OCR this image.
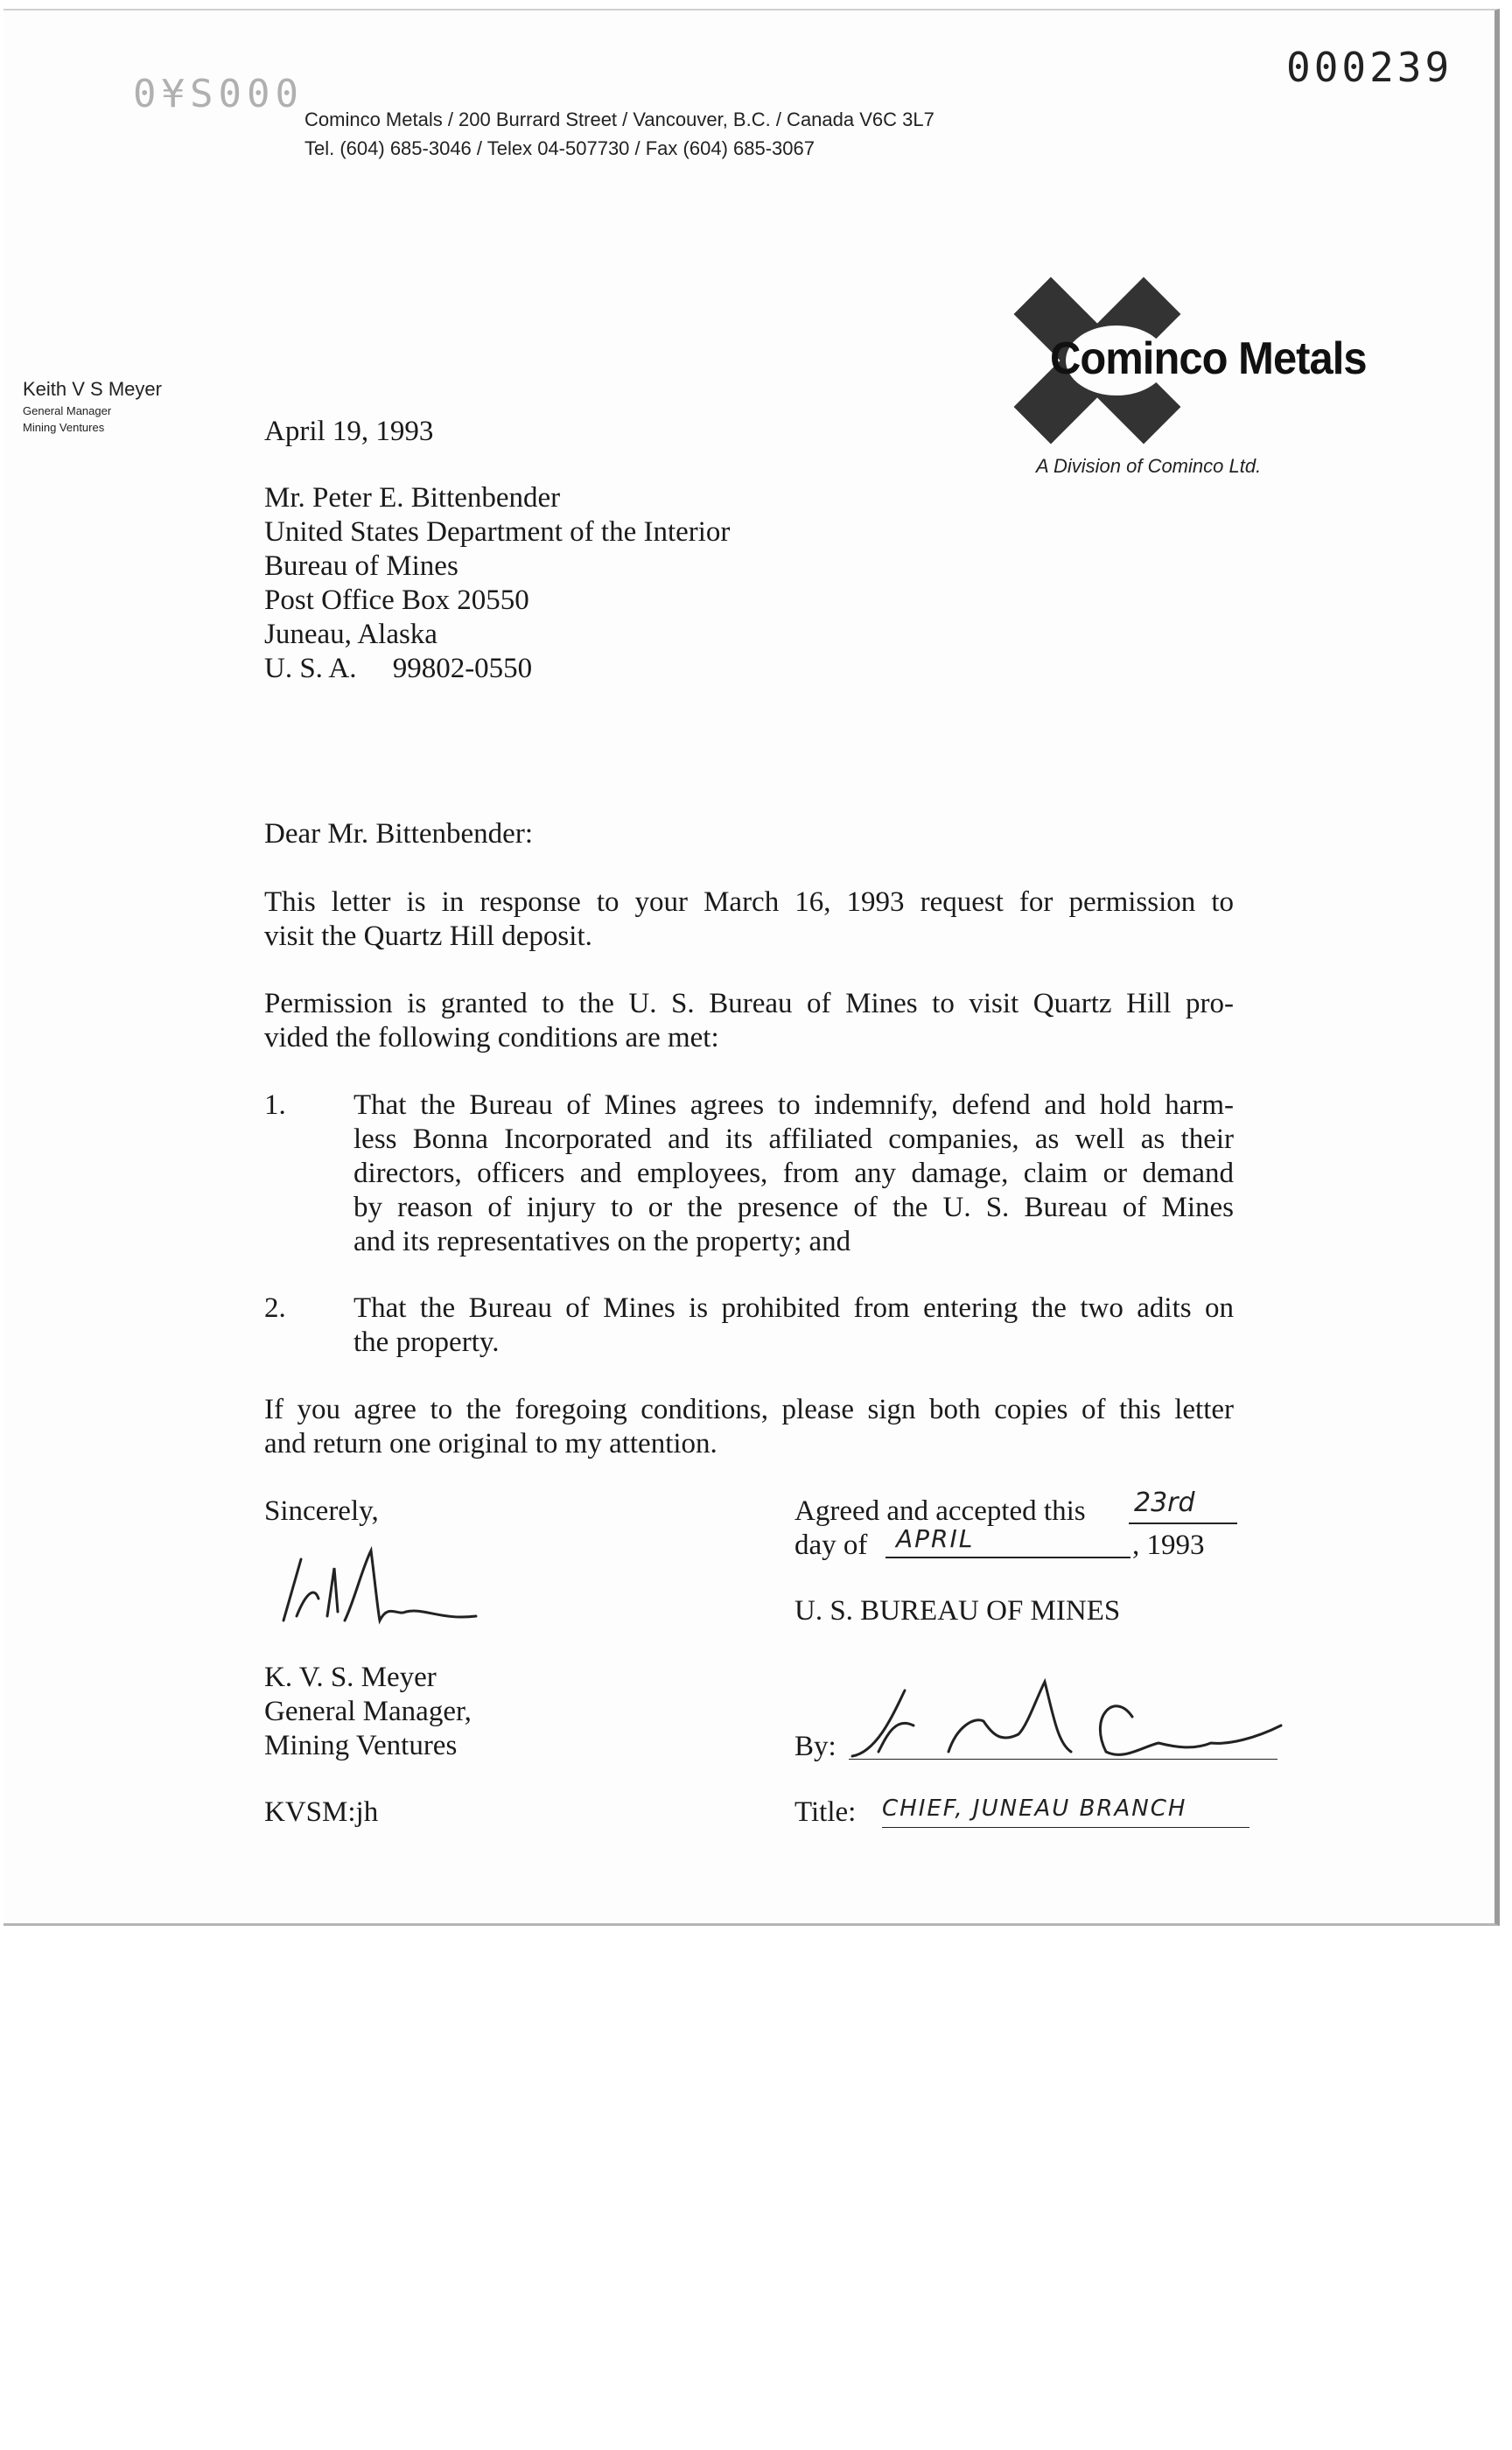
0¥S000
000239
Cominco Metals / 200 Burrard Street / Vancouver, B.C. / Canada V6C 3L7
Tel. (604) 685-3046 / Telex 04-507730 / Fax (604) 685-3067
Keith V S Meyer
General Manager
Mining Ventures
Cominco Metals
A Division of Cominco Ltd.
April 19, 1993
Mr. Peter E. Bittenbender
United States Department of the Interior
Bureau of Mines
Post Office Box 20550
Juneau, Alaska
U. S. A.     99802-0550
Dear Mr. Bittenbender:
This letter is in response to your March 16, 1993 request for permission to
visit the Quartz Hill deposit.
Permission is granted to the U. S. Bureau of Mines to visit Quartz Hill pro-
vided the following conditions are met:
1. That the Bureau of Mines agrees to indemnify, defend and hold harm-
less Bonna Incorporated and its affiliated companies, as well as their
directors, officers and employees, from any damage, claim or demand
by reason of injury to or the presence of the U. S. Bureau of Mines
and its representatives on the property; and
2. That the Bureau of Mines is prohibited from entering the two adits on
the property.
If you agree to the foregoing conditions, please sign both copies of this letter
and return one original to my attention.
Sincerely,
K. V. S. Meyer
General Manager,
Mining Ventures
KVSM:jh
Agreed and accepted this 23rd
day of APRIL	, 1993
U. S. BUREAU OF MINES
By:
Title: CHIEF, JUNEAU BRANCH
